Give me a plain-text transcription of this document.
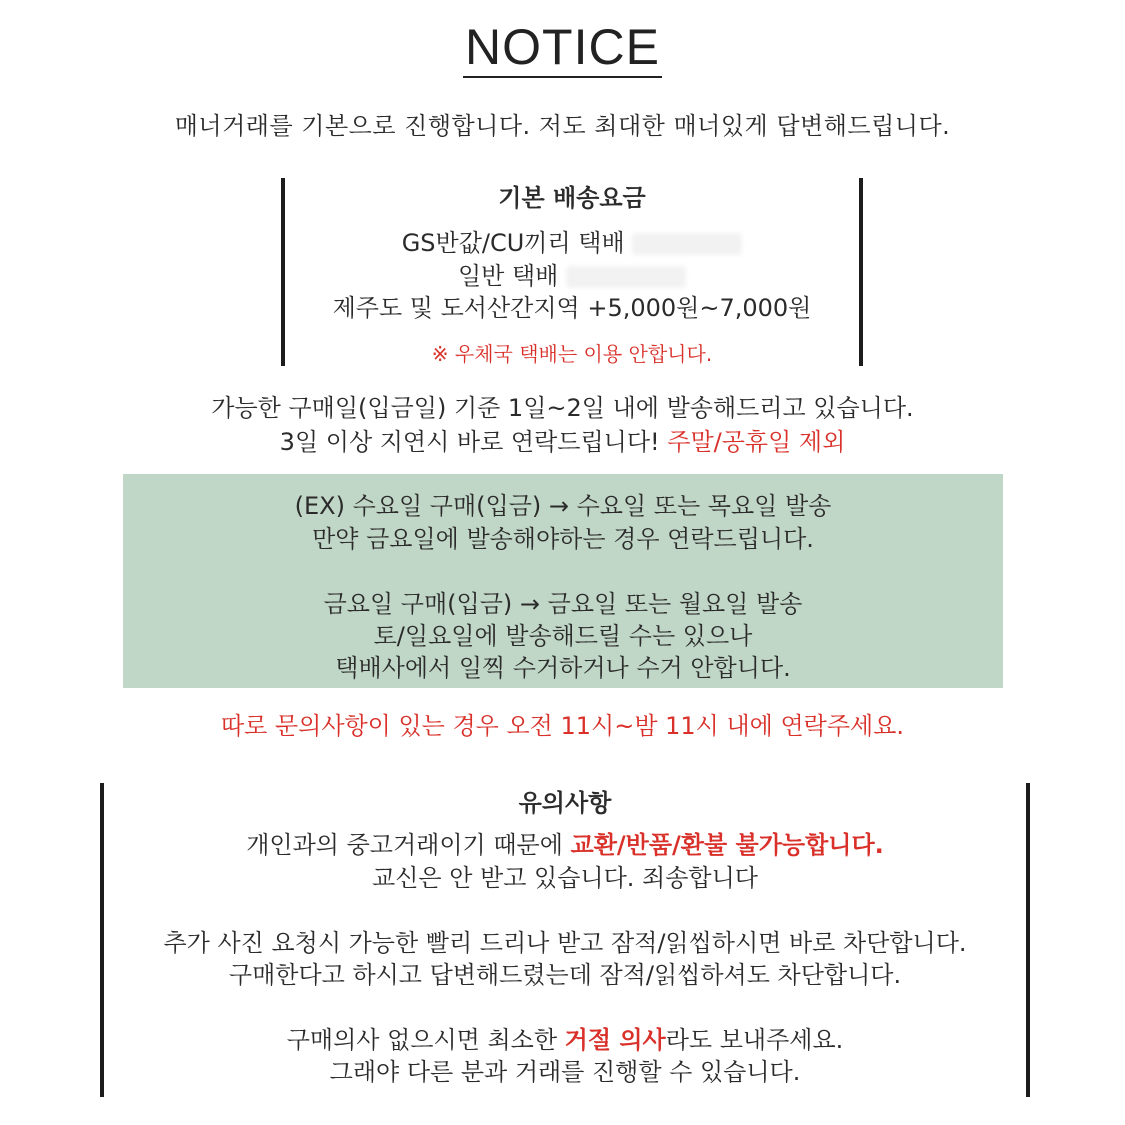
NOTICE
매너거래를 기본으로 진행합니다. 저도 최대한 매너있게 답변해드립니다.
기본 배송요금
GS반값/CU끼리 택배
일반 택배
제주도 및 도서산간지역 +5,000원~7,000원
※ 우체국 택배는 이용 안합니다.
가능한 구매일(입금일) 기준 1일~2일 내에 발송해드리고 있습니다.
3일 이상 지연시 바로 연락드립니다! 주말/공휴일 제외
(EX) 수요일 구매(입금) → 수요일 또는 목요일 발송
만약 금요일에 발송해야하는 경우 연락드립니다.
금요일 구매(입금) → 금요일 또는 월요일 발송
토/일요일에 발송해드릴 수는 있으나
택배사에서 일찍 수거하거나 수거 안합니다.
따로 문의사항이 있는 경우 오전 11시~밤 11시 내에 연락주세요.
유의사항
개인과의 중고거래이기 때문에 교환/반품/환불 불가능합니다.
교신은 안 받고 있습니다. 죄송합니다
추가 사진 요청시 가능한 빨리 드리나 받고 잠적/읽씹하시면 바로 차단합니다.
구매한다고 하시고 답변해드렸는데 잠적/읽씹하셔도 차단합니다.
구매의사 없으시면 최소한 거절 의사라도 보내주세요.
그래야 다른 분과 거래를 진행할 수 있습니다.
